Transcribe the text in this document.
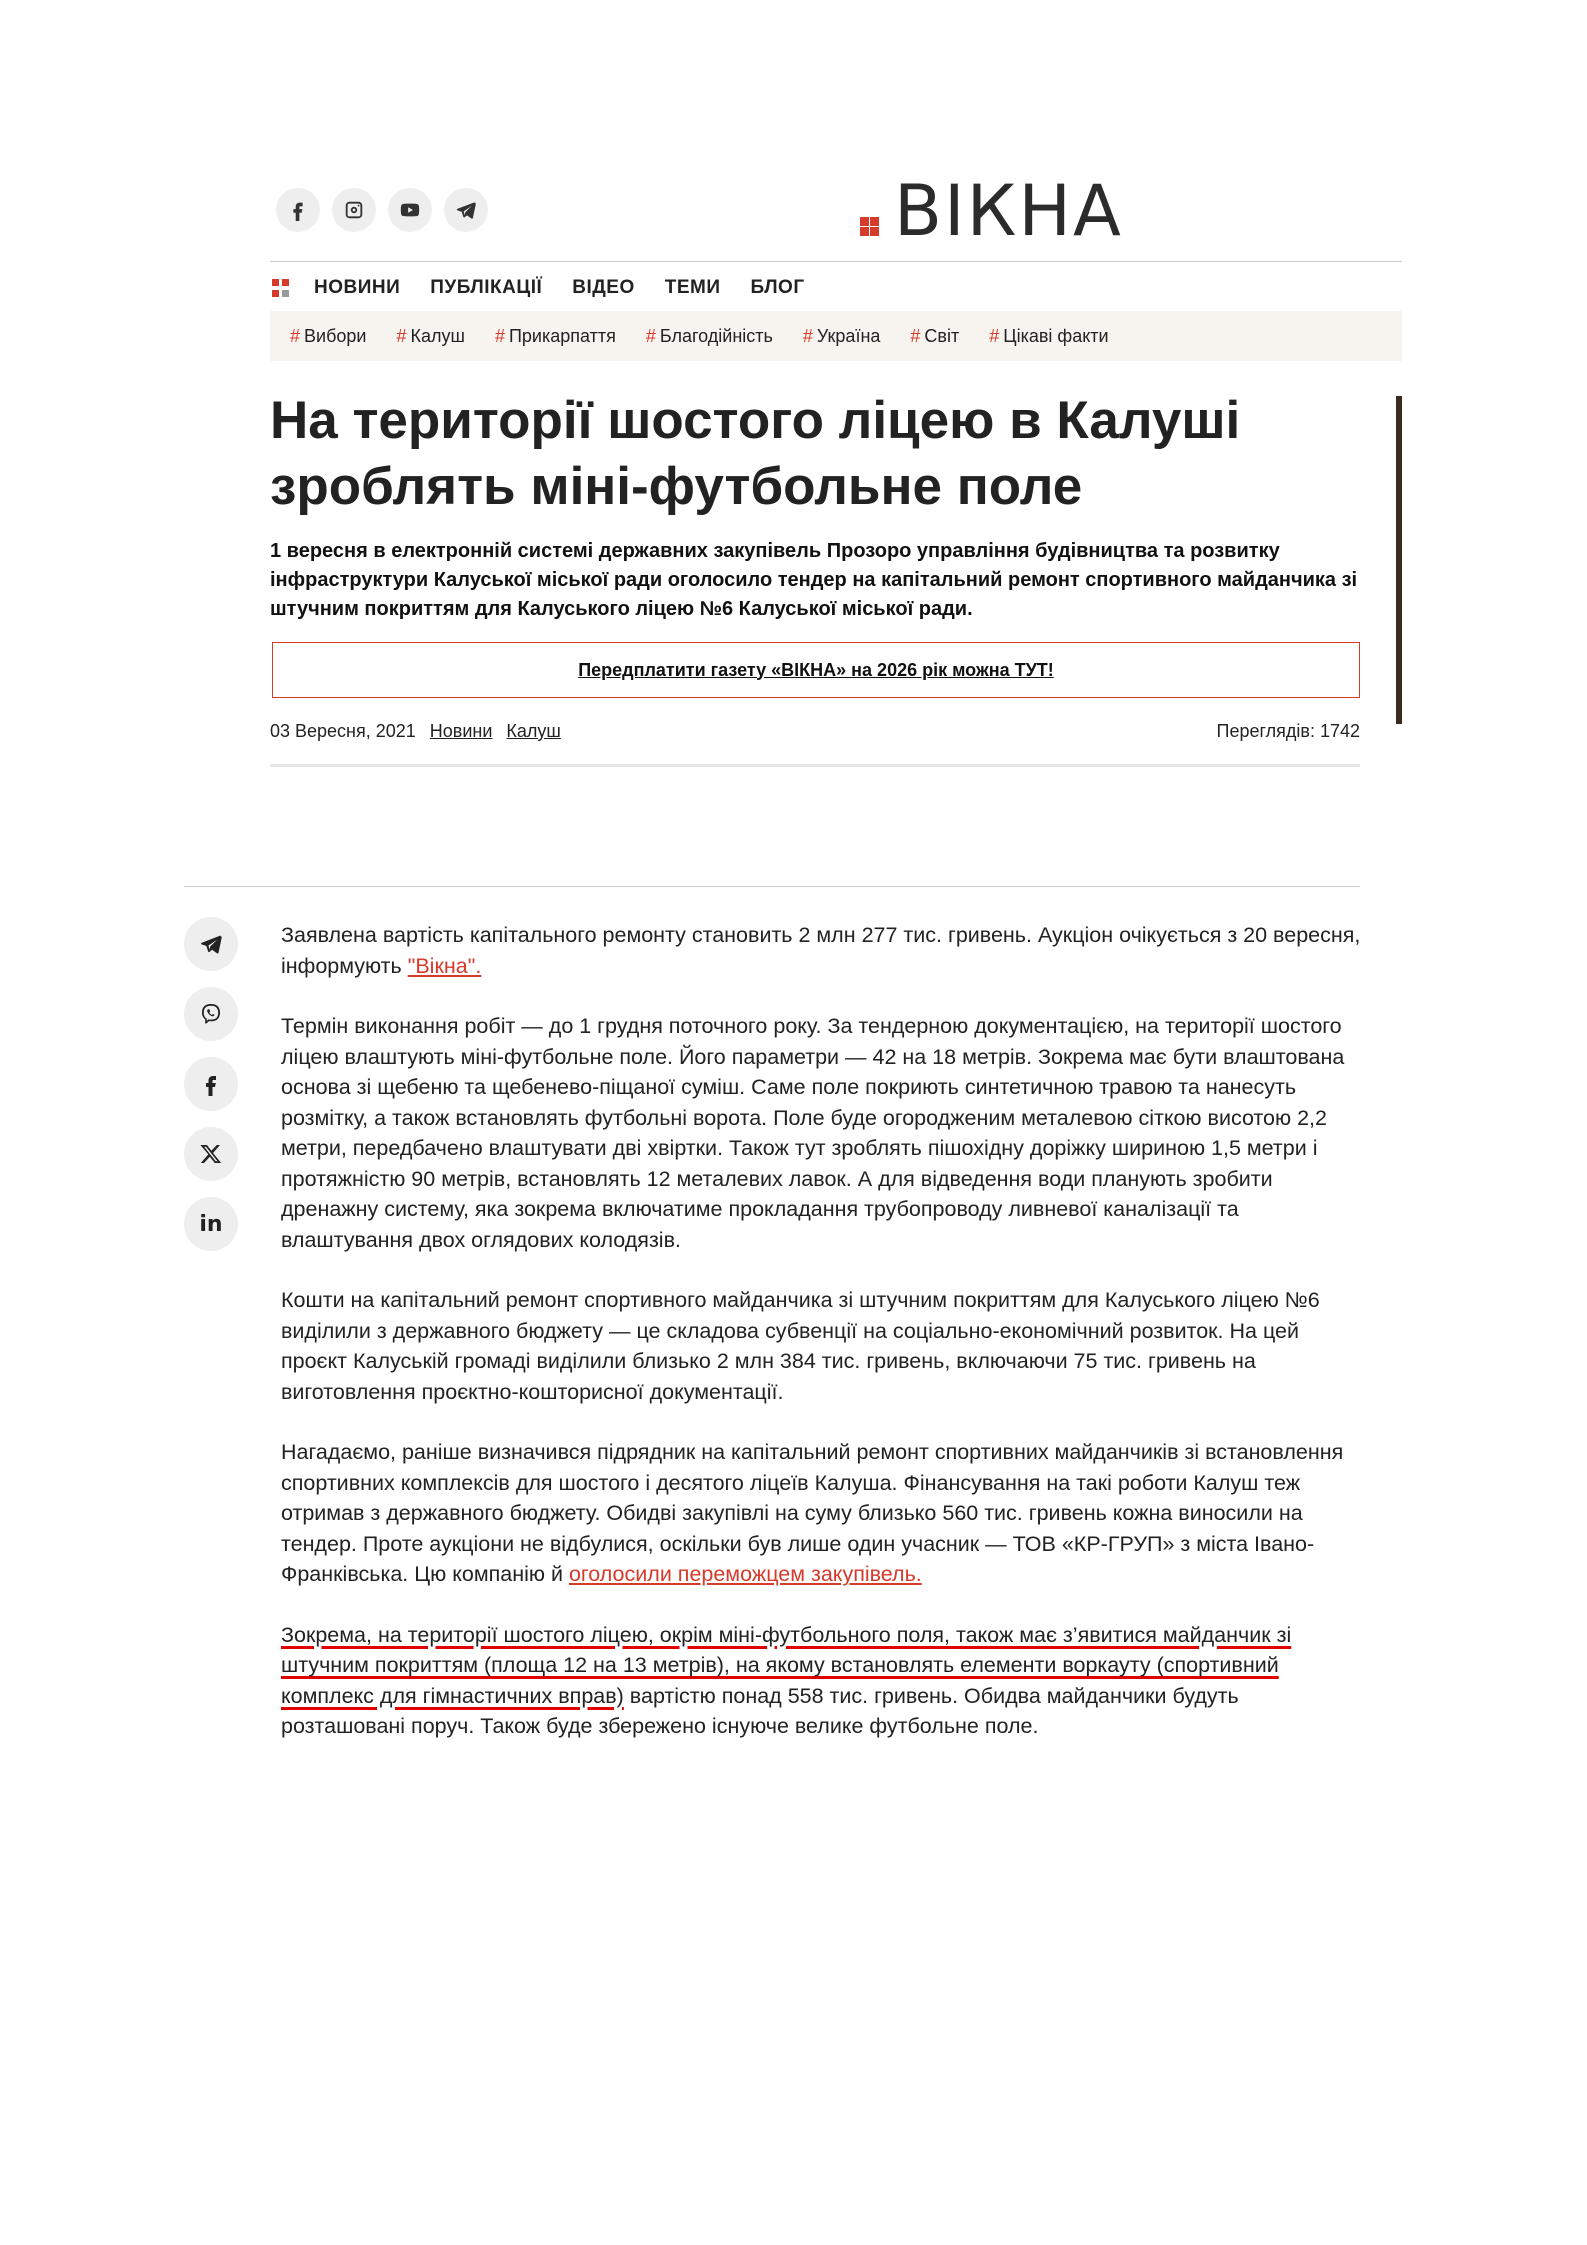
ВІКНА
НОВИНИ ПУБЛІКАЦІЇ ВІДЕО ТЕМИ БЛОГ
# Вибори # Калуш # Прикарпаття # Благодійність # Україна # Світ # Цікаві факти
На території шостого ліцею в Калуші зроблять міні-футбольне поле

1 вересня в електронній системі державних закупівель Прозоро управління будівництва та розвитку інфраструктури Калуської міської ради оголосило тендер на капітальний ремонт спортивного майданчика зі штучним покриттям для Калуського ліцею №6 Калуської міської ради.

Передплатити газету «ВІКНА» на 2026 рік можна ТУТ!
03 Вересня, 2021 Новини Калуш	Переглядів: 1742
in

Заявлена вартість капітального ремонту становить 2 млн 277 тис. гривень. Аукціон очікується з 20 вересня, інформують "Вікна".

Термін виконання робіт — до 1 грудня поточного року. За тендерною документацією, на території шостого ліцею влаштують міні-футбольне поле. Його параметри — 42 на 18 метрів. Зокрема має бути влаштована основа зі щебеню та щебенево-піщаної суміш. Саме поле покриють синтетичною травою та нанесуть розмітку, а також встановлять футбольні ворота. Поле буде огородженим металевою сіткою висотою 2,2 метри, передбачено влаштувати дві хвіртки. Також тут зроблять пішохідну доріжку шириною 1,5 метри і протяжністю 90 метрів, встановлять 12 металевих лавок. А для відведення води планують зробити дренажну систему, яка зокрема включатиме прокладання трубопроводу ливневої каналізації та влаштування двох оглядових колодязів.

Кошти на капітальний ремонт спортивного майданчика зі штучним покриттям для Калуського ліцею №6 виділили з державного бюджету — це складова субвенції на соціально-економічний розвиток. На цей проєкт Калуській громаді виділили близько 2 млн 384 тис. гривень, включаючи 75 тис. гривень на виготовлення проєктно-кошторисної документації.

Нагадаємо, раніше визначився підрядник на капітальний ремонт спортивних майданчиків зі встановлення спортивних комплексів для шостого і десятого ліцеїв Калуша. Фінансування на такі роботи Калуш теж отримав з державного бюджету. Обидві закупівлі на суму близько 560 тис. гривень кожна виносили на тендер. Проте аукціони не відбулися, оскільки був лише один учасник — ТОВ «КР-ГРУП» з міста Івано-Франківська. Цю компанію й оголосили переможцем закупівель.

Зокрема, на території шостого ліцею, окрім міні-футбольного поля, також має з’явитися майданчик зі штучним покриттям (площа 12 на 13 метрів), на якому встановлять елементи воркауту (спортивний комплекс для гімнастичних вправ) вартістю понад 558 тис. гривень. Обидва майданчики будуть розташовані поруч. Також буде збережено існуюче велике футбольне поле.
